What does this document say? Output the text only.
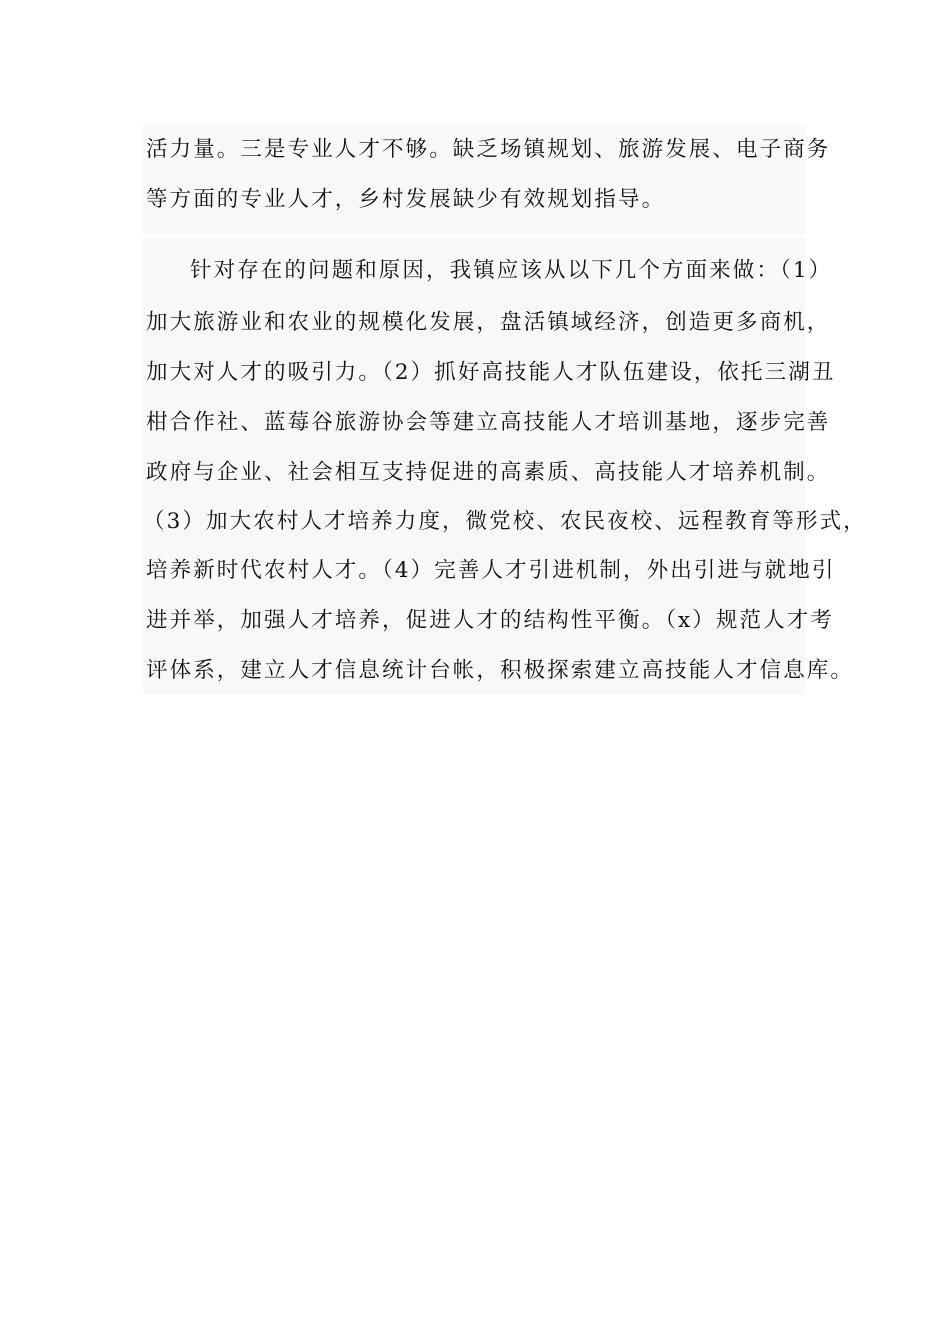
活力量。三是专业人才不够。缺乏场镇规划、旅游发展、电子商务
等方面的专业人才，乡村发展缺少有效规划指导。
针对存在的问题和原因，我镇应该从以下几个方面来做：（1）
加大旅游业和农业的规模化发展，盘活镇域经济，创造更多商机，
加大对人才的吸引力。（2）抓好高技能人才队伍建设，依托三湖丑
柑合作社、蓝莓谷旅游协会等建立高技能人才培训基地，逐步完善
政府与企业、社会相互支持促进的高素质、高技能人才培养机制。
（3）加大农村人才培养力度，微党校、农民夜校、远程教育等形式，
培养新时代农村人才。（4）完善人才引进机制，外出引进与就地引
进并举，加强人才培养，促进人才的结构性平衡。（x）规范人才考
评体系，建立人才信息统计台帐，积极探索建立高技能人才信息库。
